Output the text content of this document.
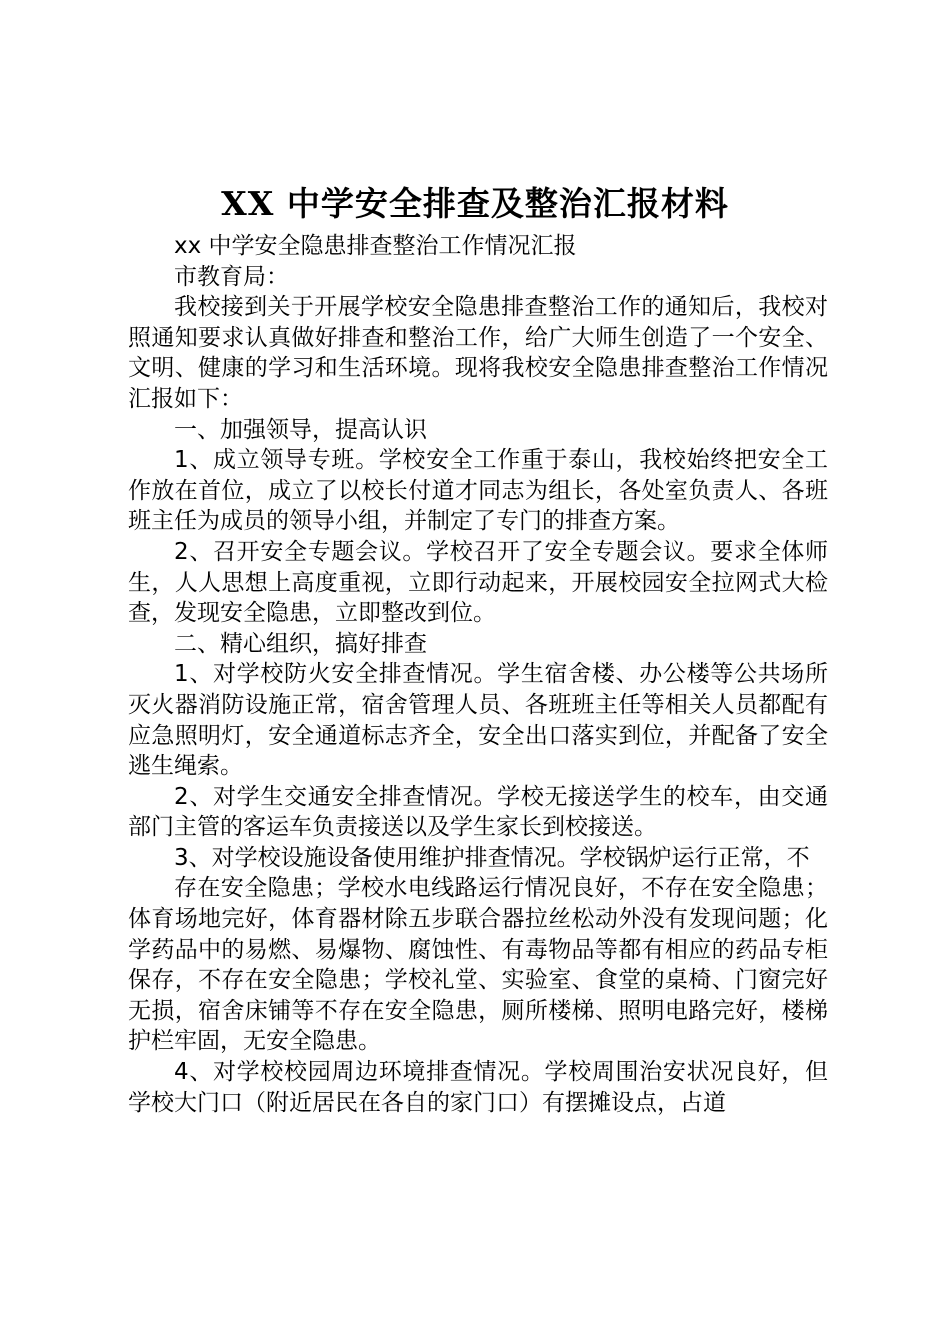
XX 中学安全排查及整治汇报材料

xx 中学安全隐患排查整治工作情况汇报

市教育局：

我校接到关于开展学校安全隐患排查整治工作的通知后，我校对照通知要求认真做好排查和整治工作，给广大师生创造了一个安全、文明、健康的学习和生活环境。现将我校安全隐患排查整治工作情况汇报如下：

一、加强领导，提高认识

1、成立领导专班。学校安全工作重于泰山，我校始终把安全工作放在首位，成立了以校长付道才同志为组长，各处室负责人、各班班主任为成员的领导小组，并制定了专门的排查方案。

2、召开安全专题会议。学校召开了安全专题会议。要求全体师生，人人思想上高度重视，立即行动起来，开展校园安全拉网式大检查，发现安全隐患，立即整改到位。

二、精心组织，搞好排查

1、对学校防火安全排查情况。学生宿舍楼、办公楼等公共场所灭火器消防设施正常，宿舍管理人员、各班班主任等相关人员都配有应急照明灯，安全通道标志齐全，安全出口落实到位，并配备了安全逃生绳索。

2、对学生交通安全排查情况。学校无接送学生的校车，由交通部门主管的客运车负责接送以及学生家长到校接送。

3、对学校设施设备使用维护排查情况。学校锅炉运行正常，不

存在安全隐患；学校水电线路运行情况良好，不存在安全隐患；体育场地完好，体育器材除五步联合器拉丝松动外没有发现问题；化学药品中的易燃、易爆物、腐蚀性、有毒物品等都有相应的药品专柜保存，不存在安全隐患；学校礼堂、实验室、食堂的桌椅、门窗完好无损，宿舍床铺等不存在安全隐患，厕所楼梯、照明电路完好，楼梯护栏牢固，无安全隐患。

4、对学校校园周边环境排查情况。学校周围治安状况良好，但学校大门口（附近居民在各自的家门口）有摆摊设点，占道
